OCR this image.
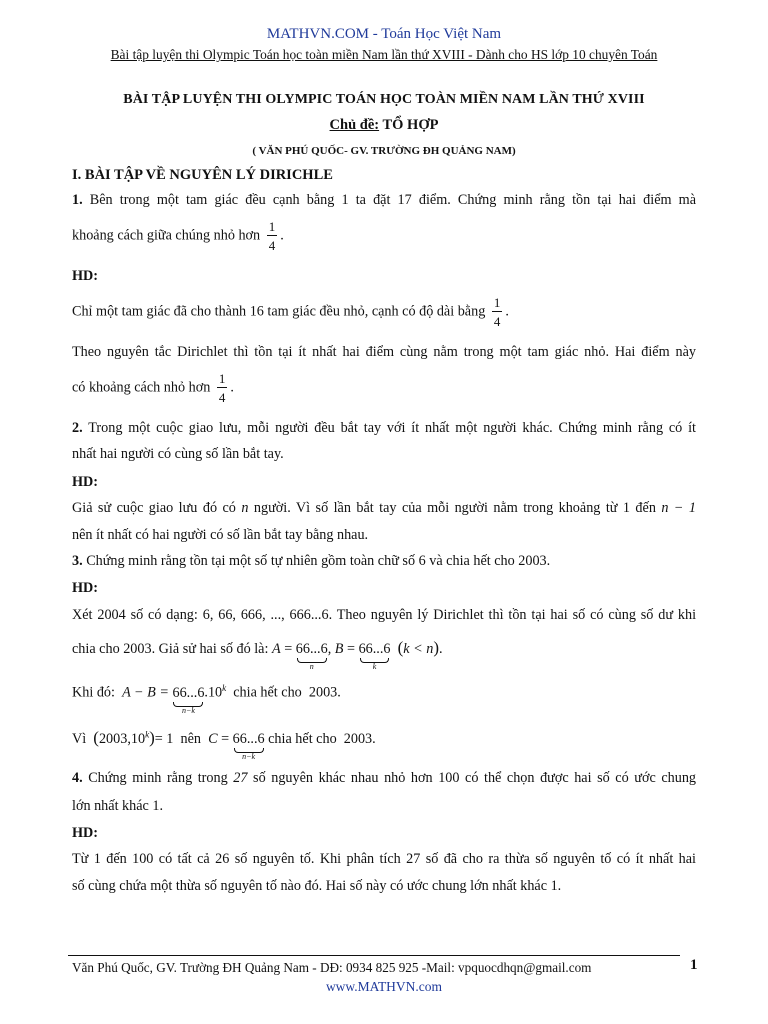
MATHVN.COM - Toán Học Việt Nam
Bài tập luyện thi Olympic Toán học toàn miền Nam lần thứ XVIII - Dành cho HS lớp 10 chuyên Toán
BÀI TẬP LUYỆN THI OLYMPIC TOÁN HỌC TOÀN MIỀN NAM LẦN THỨ XVIII
Chủ đề: TỔ HỢP
( VĂN PHÚ QUỐC- GV. TRƯỜNG ĐH QUẢNG NAM)
I. BÀI TẬP VỀ NGUYÊN LÝ DIRICHLE
1. Bên trong một tam giác đều cạnh bằng 1 ta đặt 17 điểm. Chứng minh rằng tồn tại hai điểm mà
khoảng cách giữa chúng nhỏ hơn $\frac{1}{4}$ .
HD:
Chỉ một tam giác đã cho thành 16 tam giác đều nhỏ, cạnh có độ dài bằng $\frac{1}{4}$ .
Theo nguyên tắc Dirichlet thì tồn tại ít nhất hai điểm cùng nằm trong một tam giác nhỏ. Hai điểm này
có khoảng cách nhỏ hơn $\frac{1}{4}$ .
2. Trong một cuộc giao lưu, mỗi người đều bắt tay với ít nhất một người khác. Chứng minh rằng có ít
nhất hai người có cùng số lần bắt tay.
HD:
Giả sử cuộc giao lưu đó có n người. Vì số lần bắt tay của mỗi người nằm trong khoảng từ 1 đến n − 1
nên ít nhất có hai người có số lần bắt tay bằng nhau.
3. Chứng minh rằng tồn tại một số tự nhiên gồm toàn chữ số 6 và chia hết cho 2003.
HD:
Xét 2004 số có dạng: 6, 66, 666, ..., 666...6. Theo nguyên lý Dirichlet thì tồn tại hai số có cùng số dư khi
chia cho 2003. Giả sử hai số đó là: A = 66...6
n
, B = 66...6
k
(k < n).
Khi đó: A − B = 66...6
n−k
.10$^k$ chia hết cho 2003.
Vì $(2003,10^k)= 1$ nên C = 66...6
n−k
chia hết cho 2003.
4. Chứng minh rằng trong 27 số nguyên khác nhau nhỏ hơn 100 có thể chọn được hai số có ước chung
lớn nhất khác 1.
HD:
Từ 1 đến 100 có tất cả 26 số nguyên tố. Khi phân tích 27 số đã cho ra thừa số nguyên tố có ít nhất hai
số cùng chứa một thừa số nguyên tố nào đó. Hai số này có ước chung lớn nhất khác 1.
Văn Phú Quốc, GV. Trường ĐH Quảng Nam - DĐ: 0934 825 925 -Mail: vpquocdhqn@gmail.com	1
www.MATHVN.com
